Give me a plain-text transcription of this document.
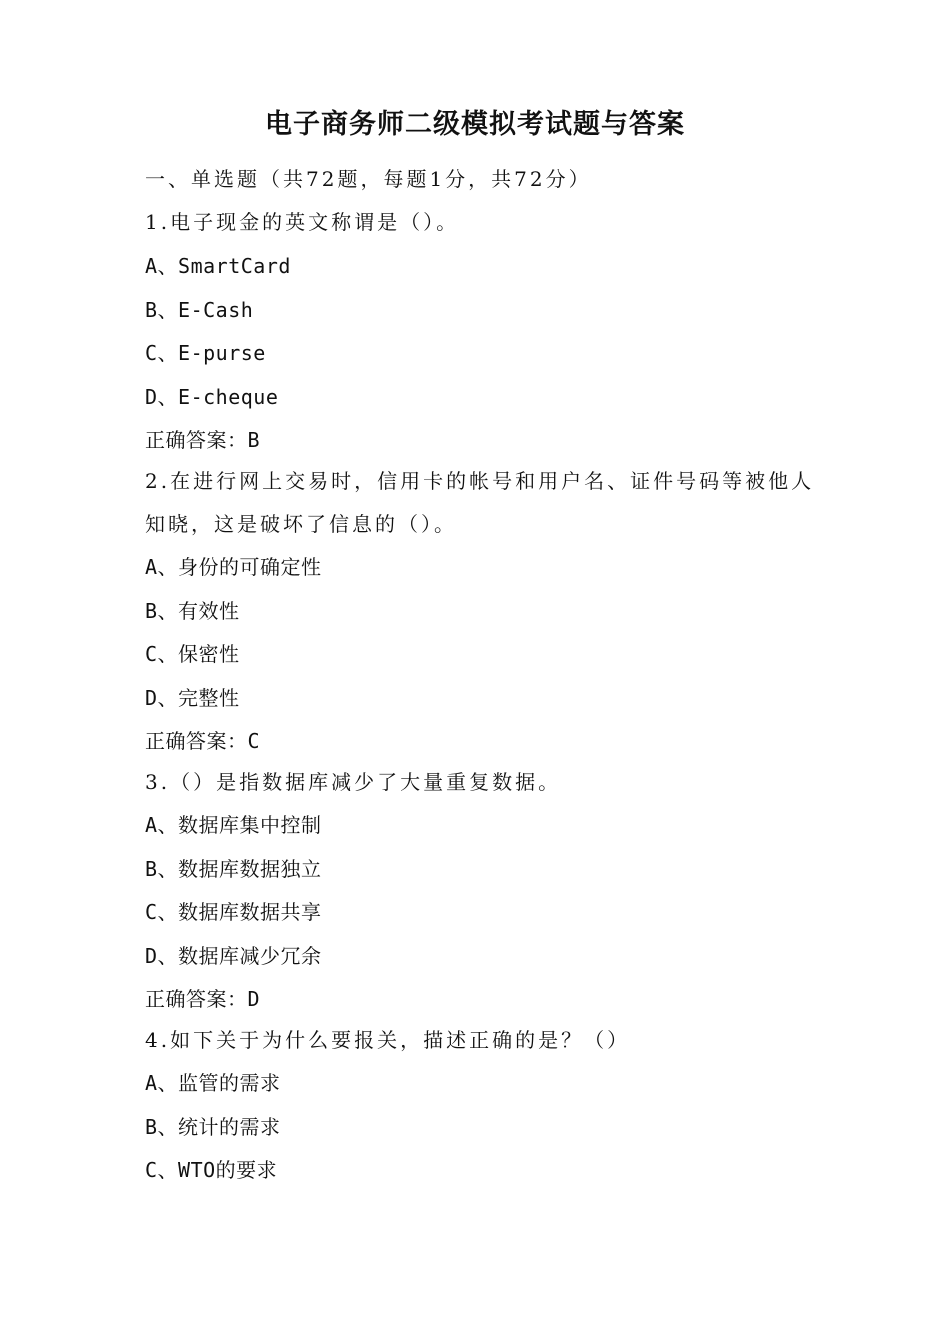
电子商务师二级模拟考试题与答案
一、单选题（共72题，每题1分，共72分）
1.电子现金的英文称谓是（）。
A、SmartCard
B、E-Cash
C、E-purse
D、E-cheque
正确答案：B
2.在进行网上交易时，信用卡的帐号和用户名、证件号码等被他人
知晓，这是破坏了信息的（）。
A、身份的可确定性
B、有效性
C、保密性
D、完整性
正确答案：C
3.（）是指数据库减少了大量重复数据。
A、数据库集中控制
B、数据库数据独立
C、数据库数据共享
D、数据库减少冗余
正确答案：D
4.如下关于为什么要报关，描述正确的是？（）
A、监管的需求
B、统计的需求
C、WTO的要求
